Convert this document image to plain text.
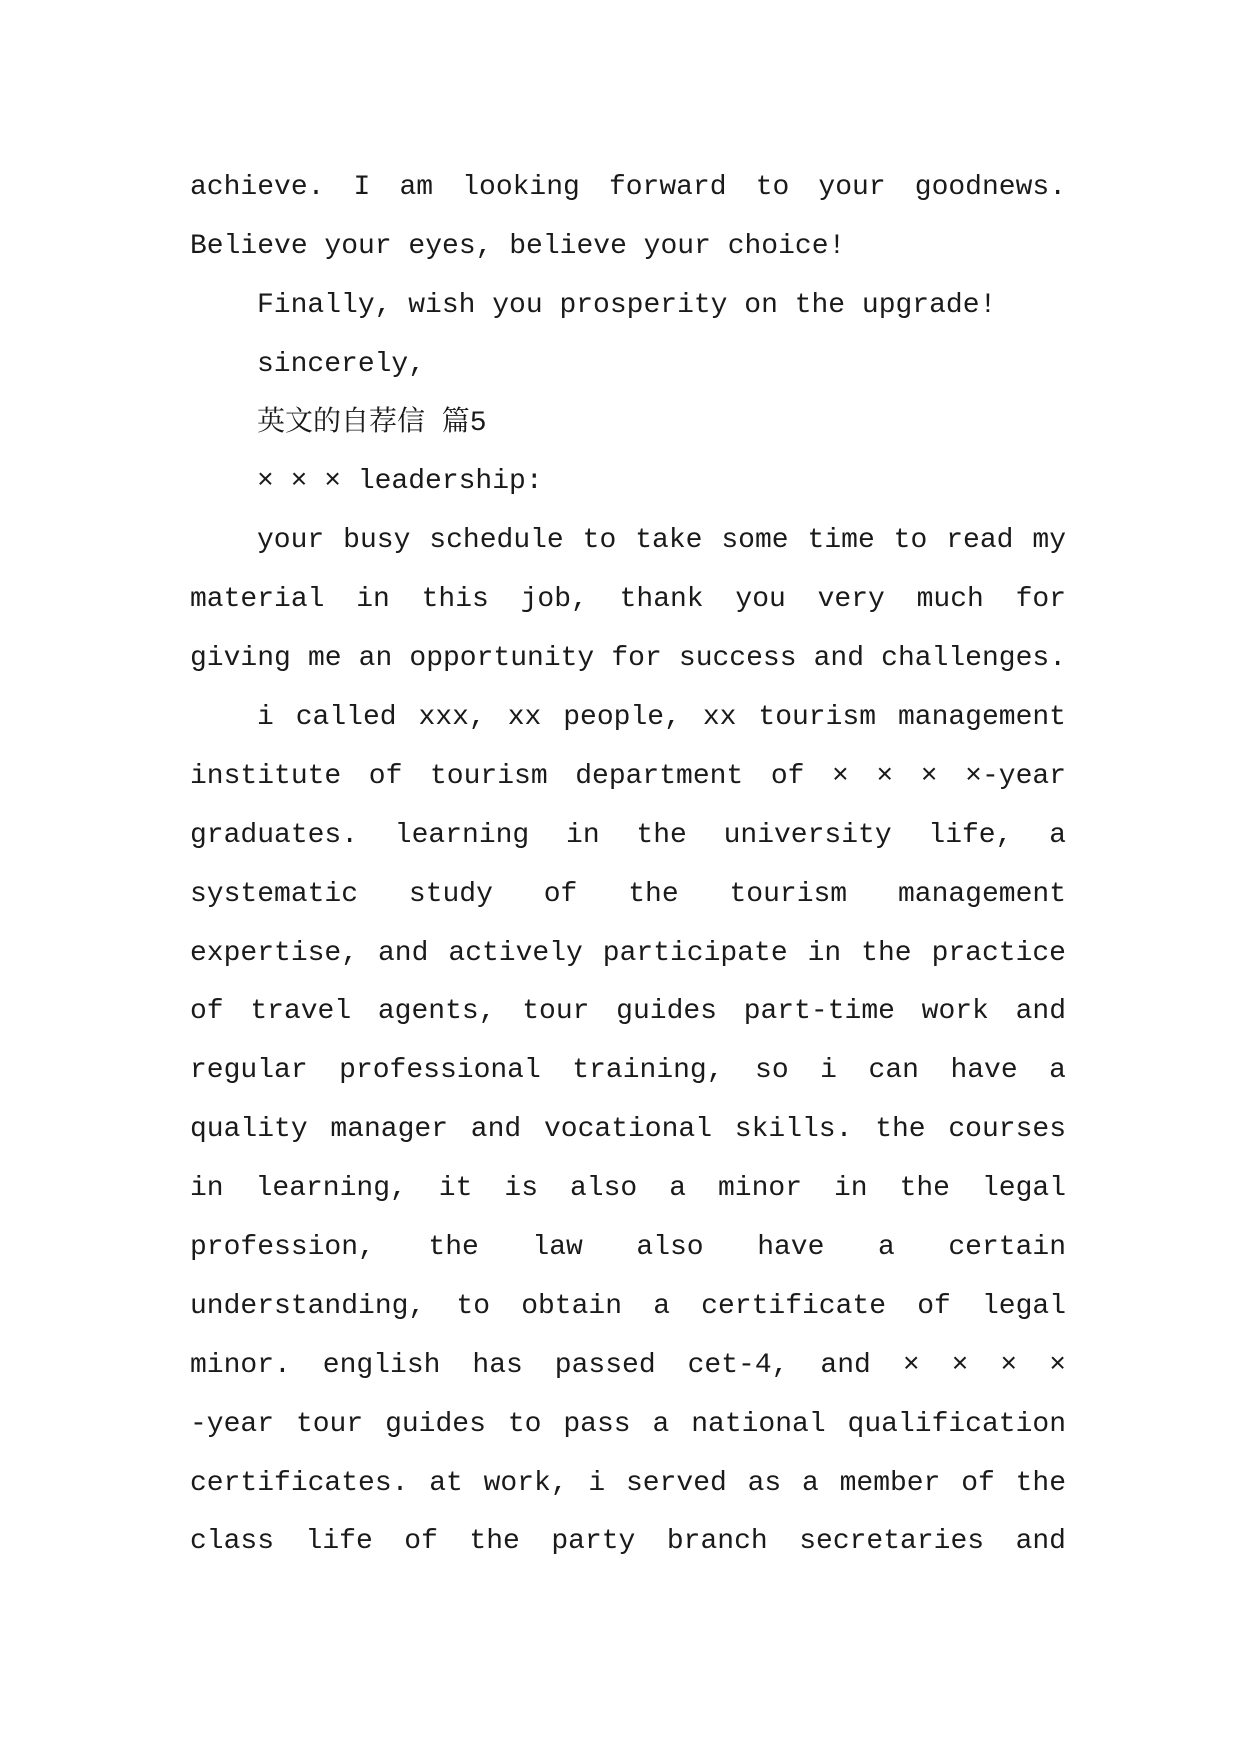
achieve. I am looking forward to your goodnews.
Believe your eyes, believe your choice!
Finally, wish you prosperity on the upgrade!
sincerely,
英文的自荐信 篇5
× × × leadership:
your busy schedule to take some time to read my
material in this job, thank you very much for
giving me an opportunity for success and challenges.
i called xxx, xx people, xx tourism management
institute of tourism department of × × × ×-year
graduates. learning in the university life, a
systematic study of the tourism management
expertise, and actively participate in the practice
of travel agents, tour guides part-time work and
regular professional training, so i can have a
quality manager and vocational skills. the courses
in learning, it is also a minor in the legal
profession, the law also have a certain
understanding, to obtain a certificate of legal
minor. english has passed cet-4, and × × × ×
-year tour guides to pass a national qualification
certificates. at work, i served as a member of the
class life of the party branch secretaries and
